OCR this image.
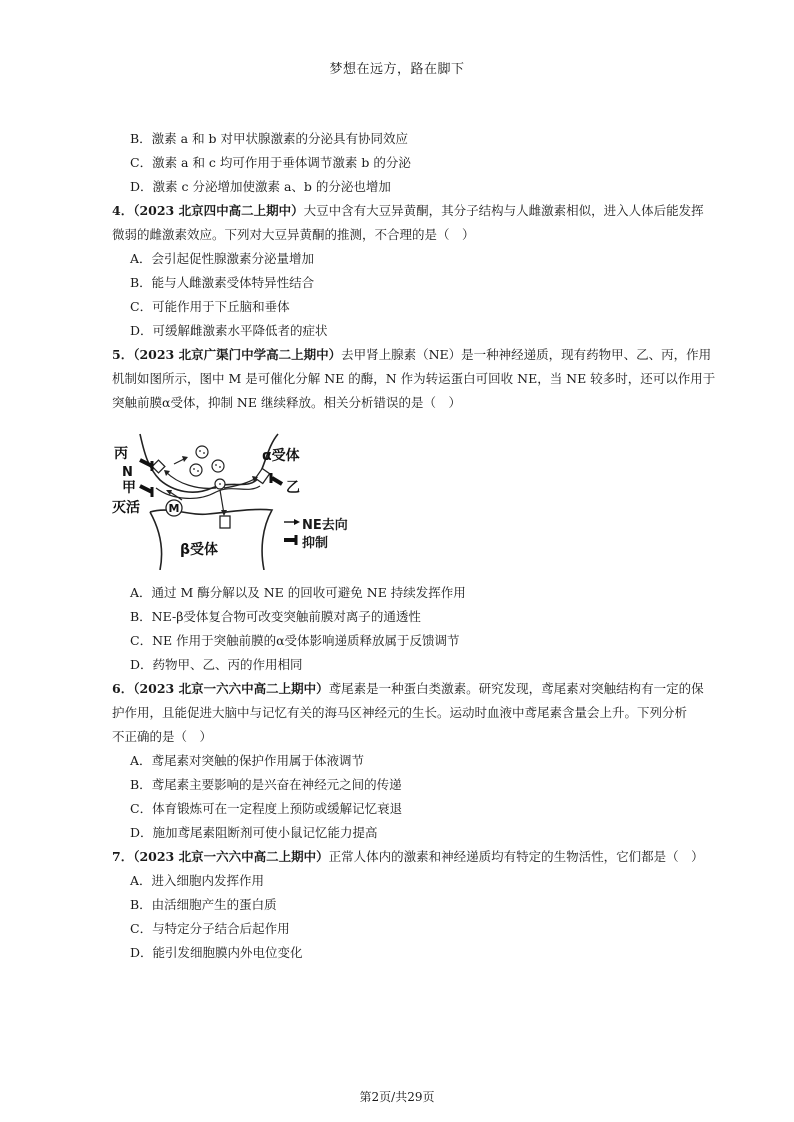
梦想在远方，路在脚下
B．激素 a 和 b 对甲状腺激素的分泌具有协同效应
C．激素 a 和 c 均可作用于垂体调节激素 b 的分泌
D．激素 c 分泌增加使激素 a、b 的分泌也增加
4．（2023 北京四中高二上期中）大豆中含有大豆异黄酮，其分子结构与人雌激素相似，进入人体后能发挥
微弱的雌激素效应。下列对大豆异黄酮的推测，不合理的是（　）
A．会引起促性腺激素分泌量增加
B．能与人雌激素受体特异性结合
C．可能作用于下丘脑和垂体
D．可缓解雌激素水平降低者的症状
5．（2023 北京广渠门中学高二上期中）去甲肾上腺素（NE）是一种神经递质，现有药物甲、乙、丙，作用
机制如图所示，图中 M 是可催化分解 NE 的酶，N 作为转运蛋白可回收 NE，当 NE 较多时，还可以作用于
突触前膜α受体，抑制 NE 继续释放。相关分析错误的是（　）
M
丙
N
甲
灭活
α受体
乙
β受体
NE去向
抑制
A．通过 M 酶分解以及 NE 的回收可避免 NE 持续发挥作用
B．NE-β受体复合物可改变突触前膜对离子的通透性
C．NE 作用于突触前膜的α受体影响递质释放属于反馈调节
D．药物甲、乙、丙的作用相同
6．（2023 北京一六六中高二上期中）鸢尾素是一种蛋白类激素。研究发现，鸢尾素对突触结构有一定的保
护作用，且能促进大脑中与记忆有关的海马区神经元的生长。运动时血液中鸢尾素含量会上升。下列分析
不正确的是（　）
A．鸢尾素对突触的保护作用属于体液调节
B．鸢尾素主要影响的是兴奋在神经元之间的传递
C．体育锻炼可在一定程度上预防或缓解记忆衰退
D．施加鸢尾素阻断剂可使小鼠记忆能力提高
7．（2023 北京一六六中高二上期中）正常人体内的激素和神经递质均有特定的生物活性，它们都是（　）
A．进入细胞内发挥作用
B．由活细胞产生的蛋白质
C．与特定分子结合后起作用
D．能引发细胞膜内外电位变化
第2页/共29页
